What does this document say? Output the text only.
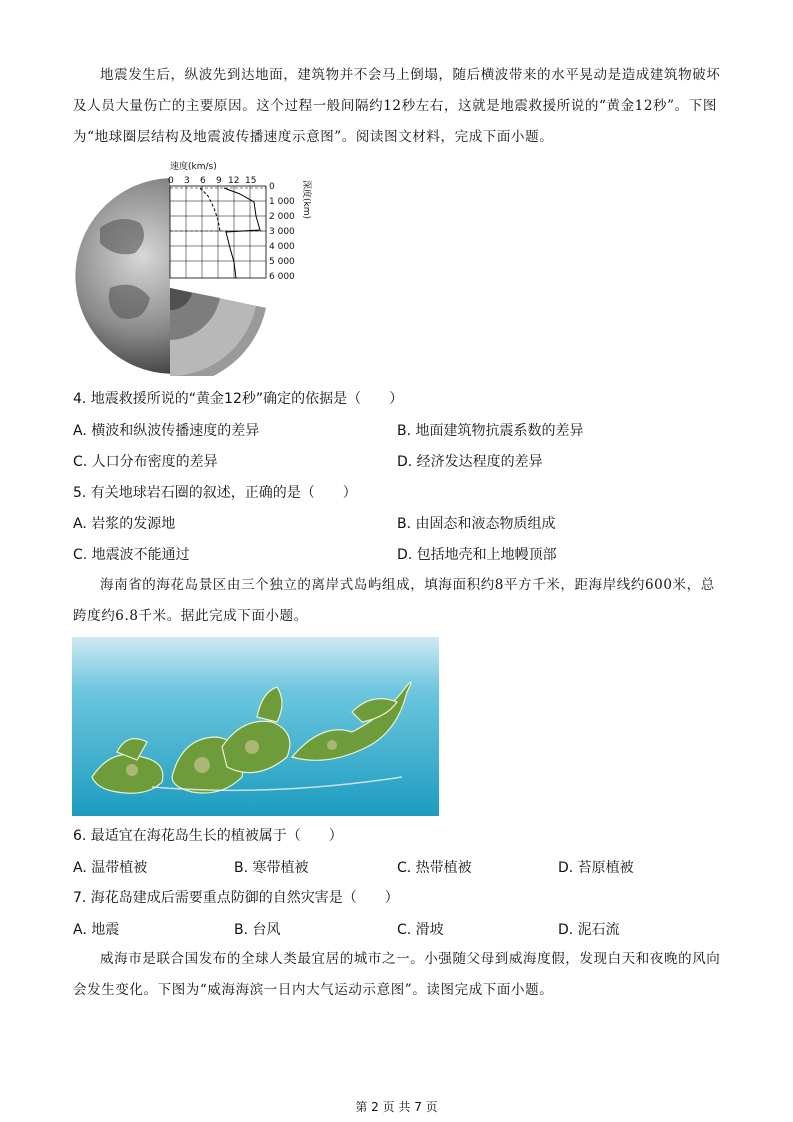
地震发生后，纵波先到达地面，建筑物并不会马上倒塌，随后横波带来的水平晃动是造成建筑物破坏及人员大量伤亡的主要原因。这个过程一般间隔约12秒左右，这就是地震救援所说的“黄金12秒”。下图为“地球圈层结构及地震波传播速度示意图”。阅读图文材料，完成下面小题。

速度(km/s)
0 3 6 9 12 15
0
1 000
2 000
3 000
4 000
5 000
6 000
深度(km)

4. 地震救援所说的“黄金12秒”确定的依据是（　　）

A. 横波和纵波传播速度的差异	B. 地面建筑物抗震系数的差异

C. 人口分布密度的差异	D. 经济发达程度的差异

5. 有关地球岩石圈的叙述，正确的是（　　）

A. 岩浆的发源地	B. 由固态和液态物质组成

C. 地震波不能通过	D. 包括地壳和上地幔顶部

海南省的海花岛景区由三个独立的离岸式岛屿组成，填海面积约8平方千米，距海岸线约600米，总跨度约6.8千米。据此完成下面小题。

6. 最适宜在海花岛生长的植被属于（　　）

A. 温带植被	B. 寒带植被	C. 热带植被	D. 苔原植被

7. 海花岛建成后需要重点防御的自然灾害是（　　）

A. 地震	B. 台风	C. 滑坡	D. 泥石流

威海市是联合国发布的全球人类最宜居的城市之一。小强随父母到威海度假，发现白天和夜晚的风向会发生变化。下图为“威海海滨一日内大气运动示意图”。读图完成下面小题。

第 2 页 共 7 页
